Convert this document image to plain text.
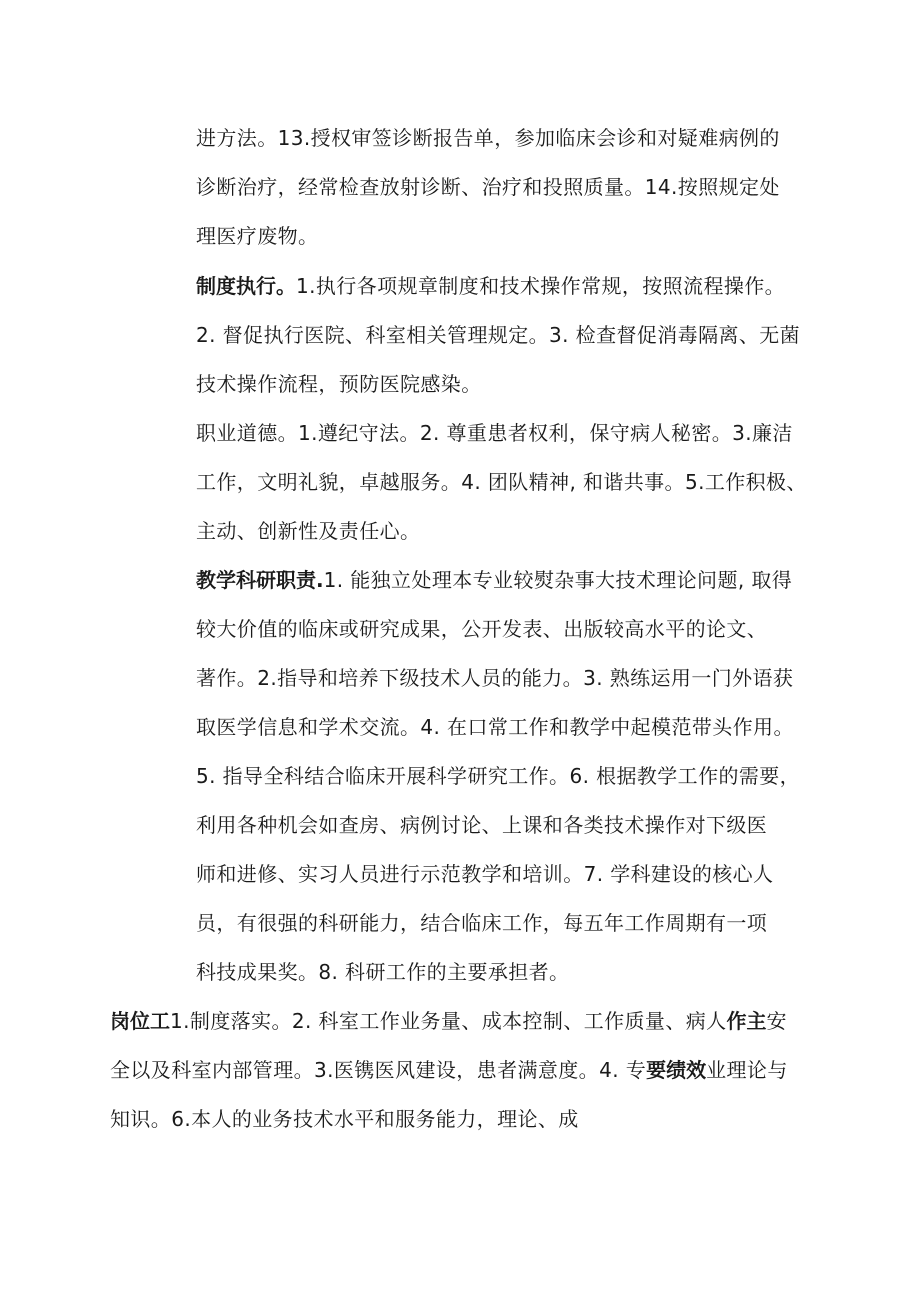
进方法。13.授权审签诊断报告单，参加临床会诊和对疑难病例的
诊断治疗，经常检查放射诊断、治疗和投照质量。14.按照规定处
理医疗废物。
制度执行。1.执行各项规章制度和技术操作常规，按照流程操作。
2. 督促执行医院、科室相关管理规定。3. 检查督促消毒隔离、无菌
技术操作流程，预防医院感染。
职业道德。1.遵纪守法。2. 尊重患者权利，保守病人秘密。3.廉洁
工作，文明礼貌，卓越服务。4. 团队精神, 和谐共事。5.工作积极、
主动、创新性及责任心。
教学科研职责.1. 能独立处理本专业较熨杂事大技术理论问题, 取得
较大价值的临床或研究成果，公开发表、出版较高水平的论文、
著作。2.指导和培养下级技术人员的能力。3. 熟练运用一门外语获
取医学信息和学术交流。4. 在口常工作和教学中起模范带头作用。
5. 指导全科结合临床开展科学研究工作。6. 根据教学工作的需要，
利用各种机会如查房、病例讨论、上课和各类技术操作对下级医
师和进修、实习人员进行示范教学和培训。7. 学科建设的核心人
员，有很强的科研能力，结合临床工作，每五年工作周期有一项
科技成果奖。8. 科研工作的主要承担者。
岗位工1.制度落实。2. 科室工作业务量、成本控制、工作质量、病人作主安
全以及科室内部管理。3.医镌医风建设，患者满意度。4. 专要绩效业理论与
知识。6.本人的业务技术水平和服务能力，理论、成
